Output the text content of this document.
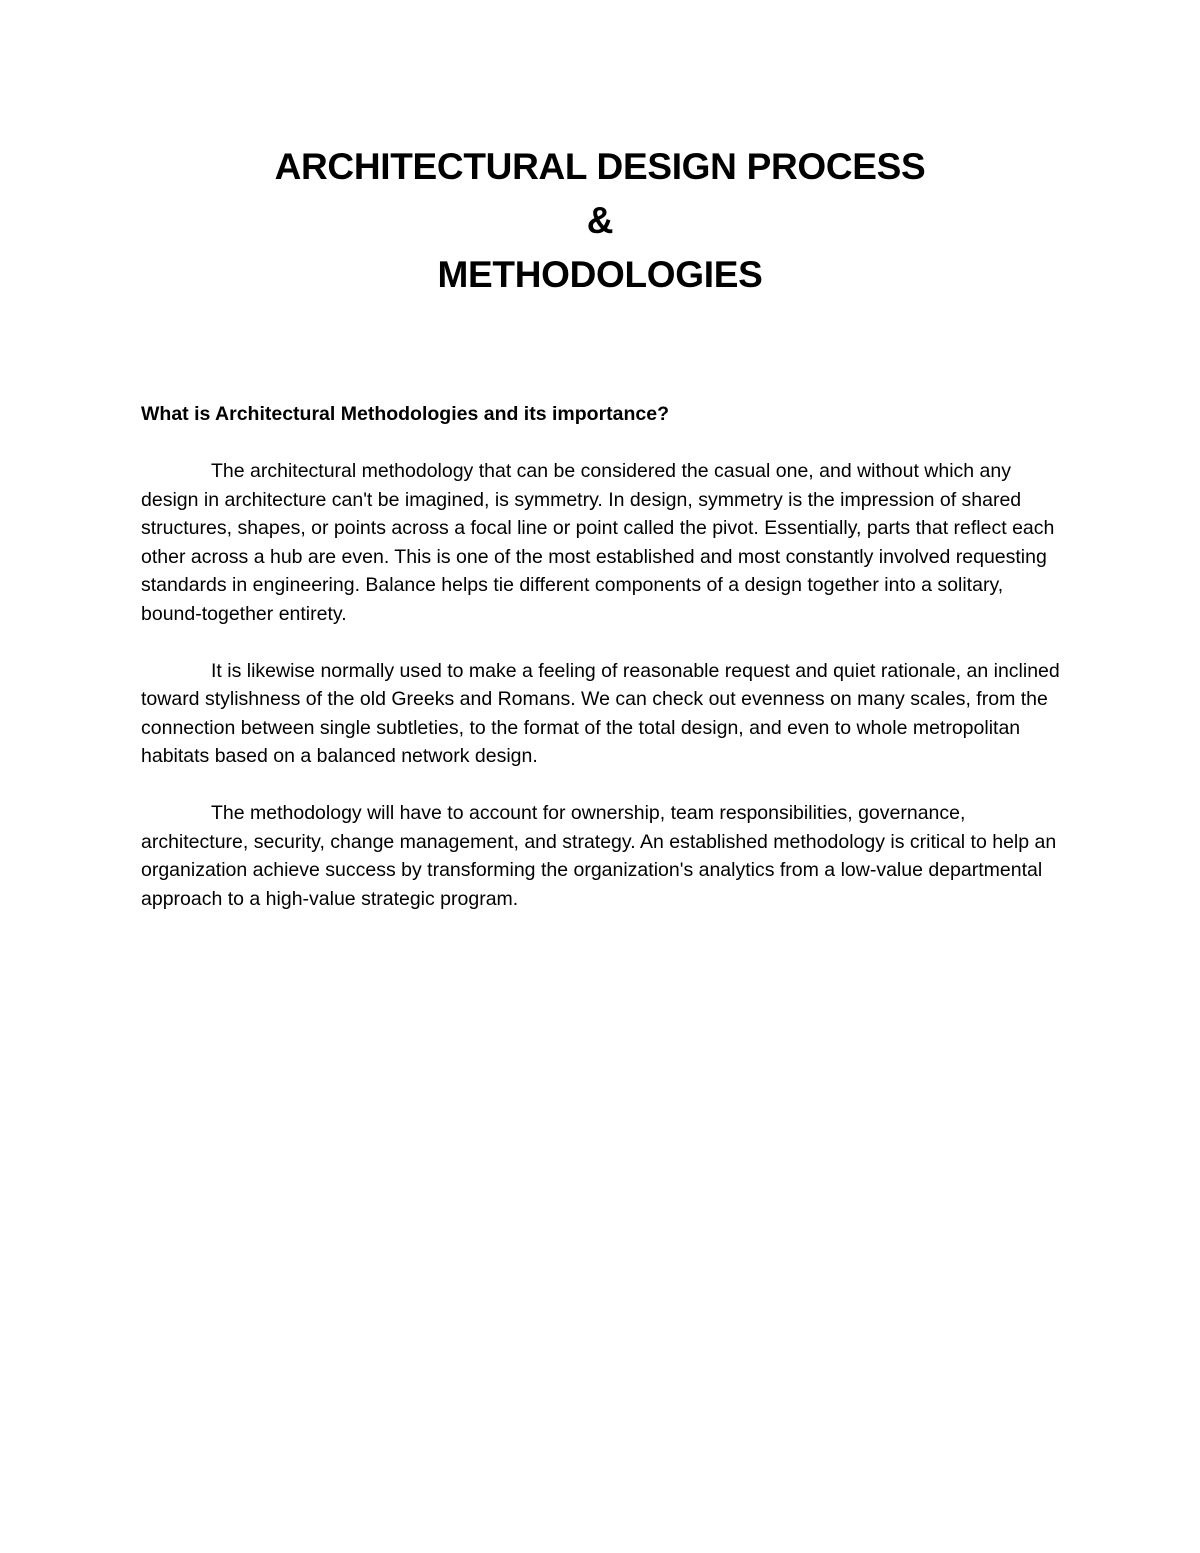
ARCHITECTURAL DESIGN PROCESS
&
METHODOLOGIES

What is Architectural Methodologies and its importance?

The architectural methodology that can be considered the casual one, and without which any design in architecture can't be imagined, is symmetry. In design, symmetry is the impression of shared structures, shapes, or points across a focal line or point called the pivot. Essentially, parts that reflect each other across a hub are even. This is one of the most established and most constantly involved requesting standards in engineering. Balance helps tie different components of a design together into a solitary, bound-together entirety.

It is likewise normally used to make a feeling of reasonable request and quiet rationale, an inclined toward stylishness of the old Greeks and Romans. We can check out evenness on many scales, from the connection between single subtleties, to the format of the total design, and even to whole metropolitan habitats based on a balanced network design.

The methodology will have to account for ownership, team responsibilities, governance, architecture, security, change management, and strategy. An established methodology is critical to help an organization achieve success by transforming the organization's analytics from a low-value departmental approach to a high-value strategic program.
